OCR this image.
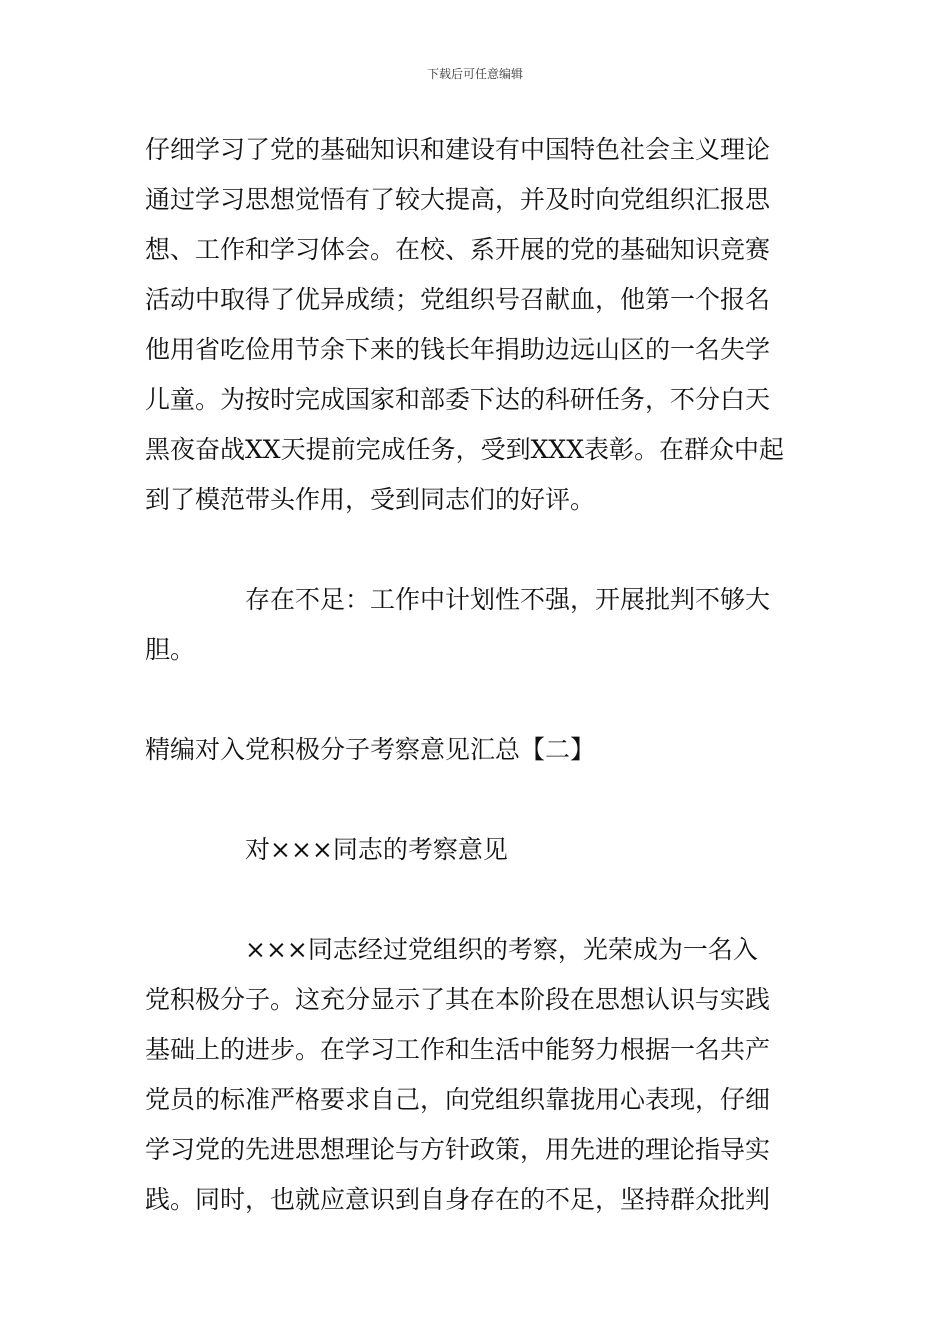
下载后可任意编辑
仔细学习了党的基础知识和建设有中国特色社会主义理论
通过学习思想觉悟有了较大提高，并及时向党组织汇报思
想、工作和学习体会。在校、系开展的党的基础知识竞赛
活动中取得了优异成绩；党组织号召献血，他第一个报名
他用省吃俭用节余下来的钱长年捐助边远山区的一名失学
儿童。为按时完成国家和部委下达的科研任务，不分白天
黑夜奋战XX天提前完成任务，受到XXX表彰。在群众中起
到了模范带头作用，受到同志们的好评。
　　　　存在不足：工作中计划性不强，开展批判不够大
胆。
精编对入党积极分子考察意见汇总【二】
　　　　对×××同志的考察意见
　　　　×××同志经过党组织的考察，光荣成为一名入
党积极分子。这充分显示了其在本阶段在思想认识与实践
基础上的进步。在学习工作和生活中能努力根据一名共产
党员的标准严格要求自己，向党组织靠拢用心表现，仔细
学习党的先进思想理论与方针政策，用先进的理论指导实
践。同时，也就应意识到自身存在的不足，坚持群众批判
